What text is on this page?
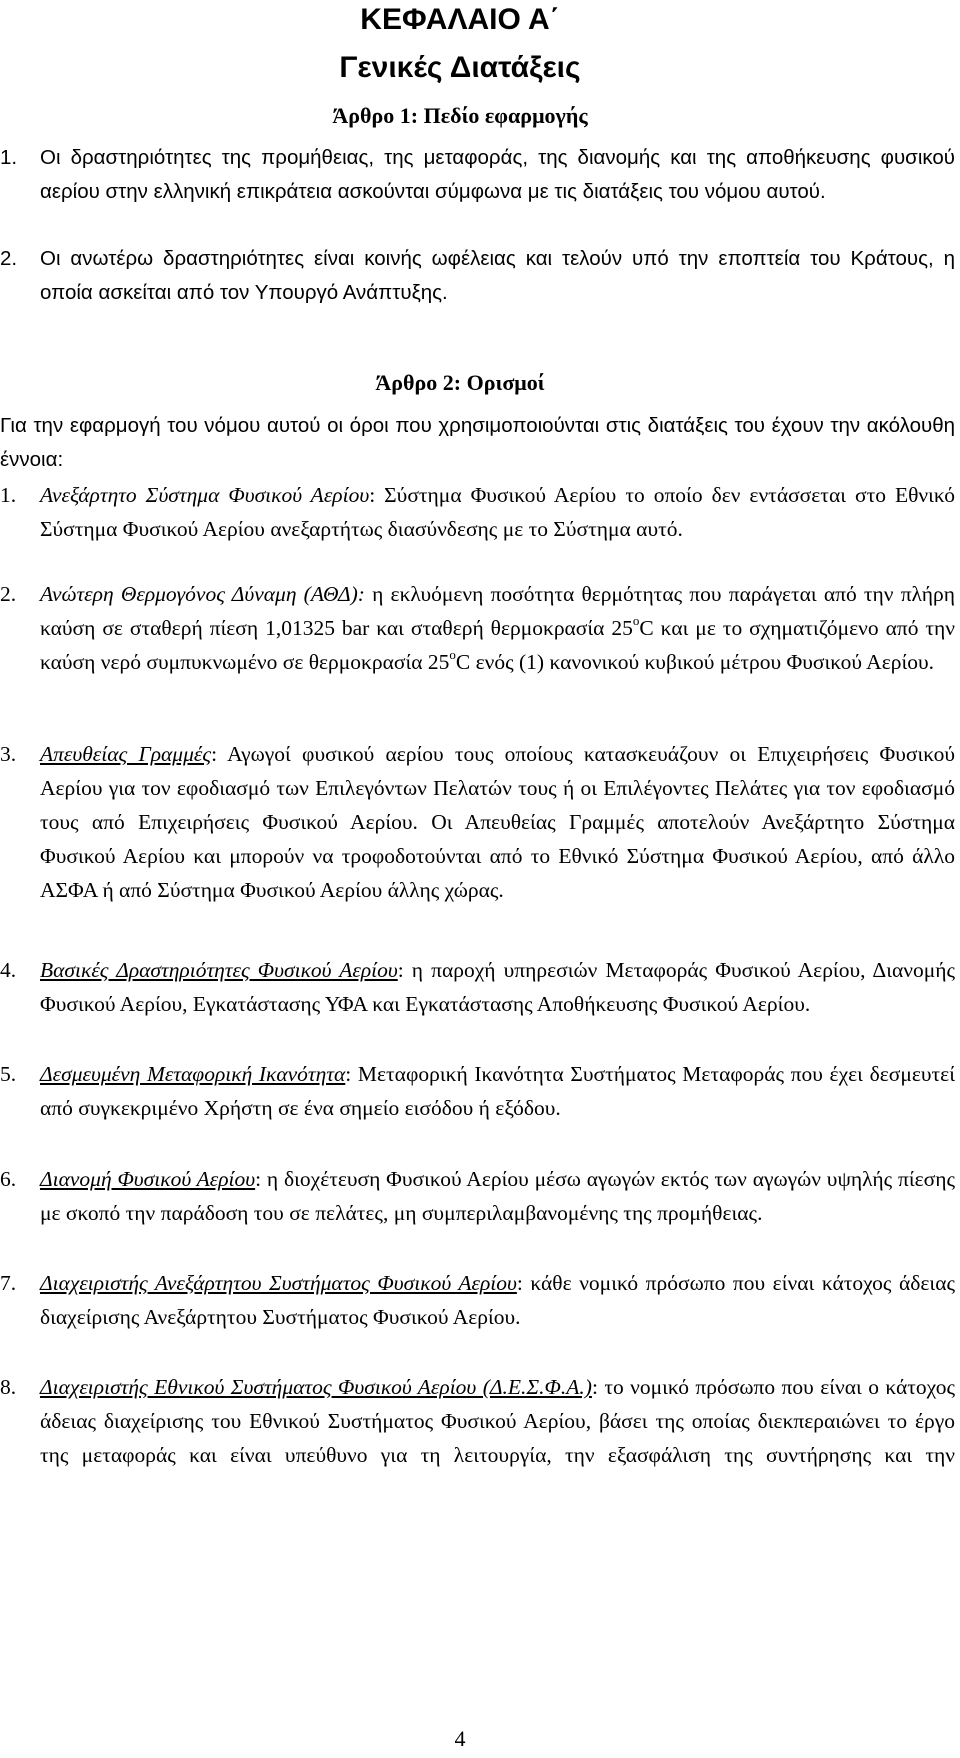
ΚΕΦΑΛΑΙΟ Α΄
Γενικές Διατάξεις
Άρθρο 1: Πεδίο εφαρμογής
1. Οι δραστηριότητες της προμήθειας, της μεταφοράς, της διανομής και της αποθήκευσης φυσικού αερίου στην ελληνική επικράτεια ασκούνται σύμφωνα με τις διατάξεις του νόμου αυτού.
2. Οι ανωτέρω δραστηριότητες είναι κοινής ωφέλειας και τελούν υπό την εποπτεία του Κράτους, η οποία ασκείται από τον Υπουργό Ανάπτυξης.
Άρθρο 2: Ορισμοί
Για την εφαρμογή του νόμου αυτού οι όροι που χρησιμοποιούνται στις διατάξεις του έχουν την ακόλουθη έννοια:
1. Ανεξάρτητο Σύστημα Φυσικού Αερίου: Σύστημα Φυσικού Αερίου το οποίο δεν εντάσσεται στο Εθνικό Σύστημα Φυσικού Αερίου ανεξαρτήτως διασύνδεσης με το Σύστημα αυτό.
2. Ανώτερη Θερμογόνος Δύναμη (ΑΘΔ): η εκλυόμενη ποσότητα θερμότητας που παράγεται από την πλήρη καύση σε σταθερή πίεση 1,01325 bar και σταθερή θερμοκρασία 25$^o$C και με το σχηματιζόμενο από την καύση νερό συμπυκνωμένο σε θερμοκρασία 25$^o$C ενός (1) κανονικού κυβικού μέτρου Φυσικού Αερίου.
3. Απευθείας Γραμμές: Αγωγοί φυσικού αερίου τους οποίους κατασκευάζουν οι Επιχειρήσεις Φυσικού Αερίου για τον εφοδιασμό των Επιλεγόντων Πελατών τους ή οι Επιλέγοντες Πελάτες για τον εφοδιασμό τους από Επιχειρήσεις Φυσικού Αερίου. Οι Απευθείας Γραμμές αποτελούν Ανεξάρτητο Σύστημα Φυσικού Αερίου και μπορούν να τροφοδοτούνται από το Εθνικό Σύστημα Φυσικού Αερίου, από άλλο ΑΣΦΑ ή από Σύστημα Φυσικού Αερίου άλλης χώρας.
4. Βασικές Δραστηριότητες Φυσικού Αερίου: η παροχή υπηρεσιών Μεταφοράς Φυσικού Αερίου, Διανομής Φυσικού Αερίου, Εγκατάστασης ΥΦΑ και Εγκατάστασης Αποθήκευσης Φυσικού Αερίου.
5. Δεσμευμένη Μεταφορική Ικανότητα: Μεταφορική Ικανότητα Συστήματος Μεταφοράς που έχει δεσμευτεί από συγκεκριμένο Χρήστη σε ένα σημείο εισόδου ή εξόδου.
6. Διανομή Φυσικού Αερίου: η διοχέτευση Φυσικού Αερίου μέσω αγωγών εκτός των αγωγών υψηλής πίεσης με σκοπό την παράδοση του σε πελάτες, μη συμπεριλαμβανομένης της προμήθειας.
7. Διαχειριστής Ανεξάρτητου Συστήματος Φυσικού Αερίου: κάθε νομικό πρόσωπο που είναι κάτοχος άδειας διαχείρισης Ανεξάρτητου Συστήματος Φυσικού Αερίου.
8. Διαχειριστής Εθνικού Συστήματος Φυσικού Αερίου (Δ.Ε.Σ.Φ.Α.): το νομικό πρόσωπο που είναι ο κάτοχος άδειας διαχείρισης του Εθνικού Συστήματος Φυσικού Αερίου, βάσει της οποίας διεκπεραιώνει το έργο της μεταφοράς και είναι υπεύθυνο για τη λειτουργία, την εξασφάλιση της συντήρησης και την
4
